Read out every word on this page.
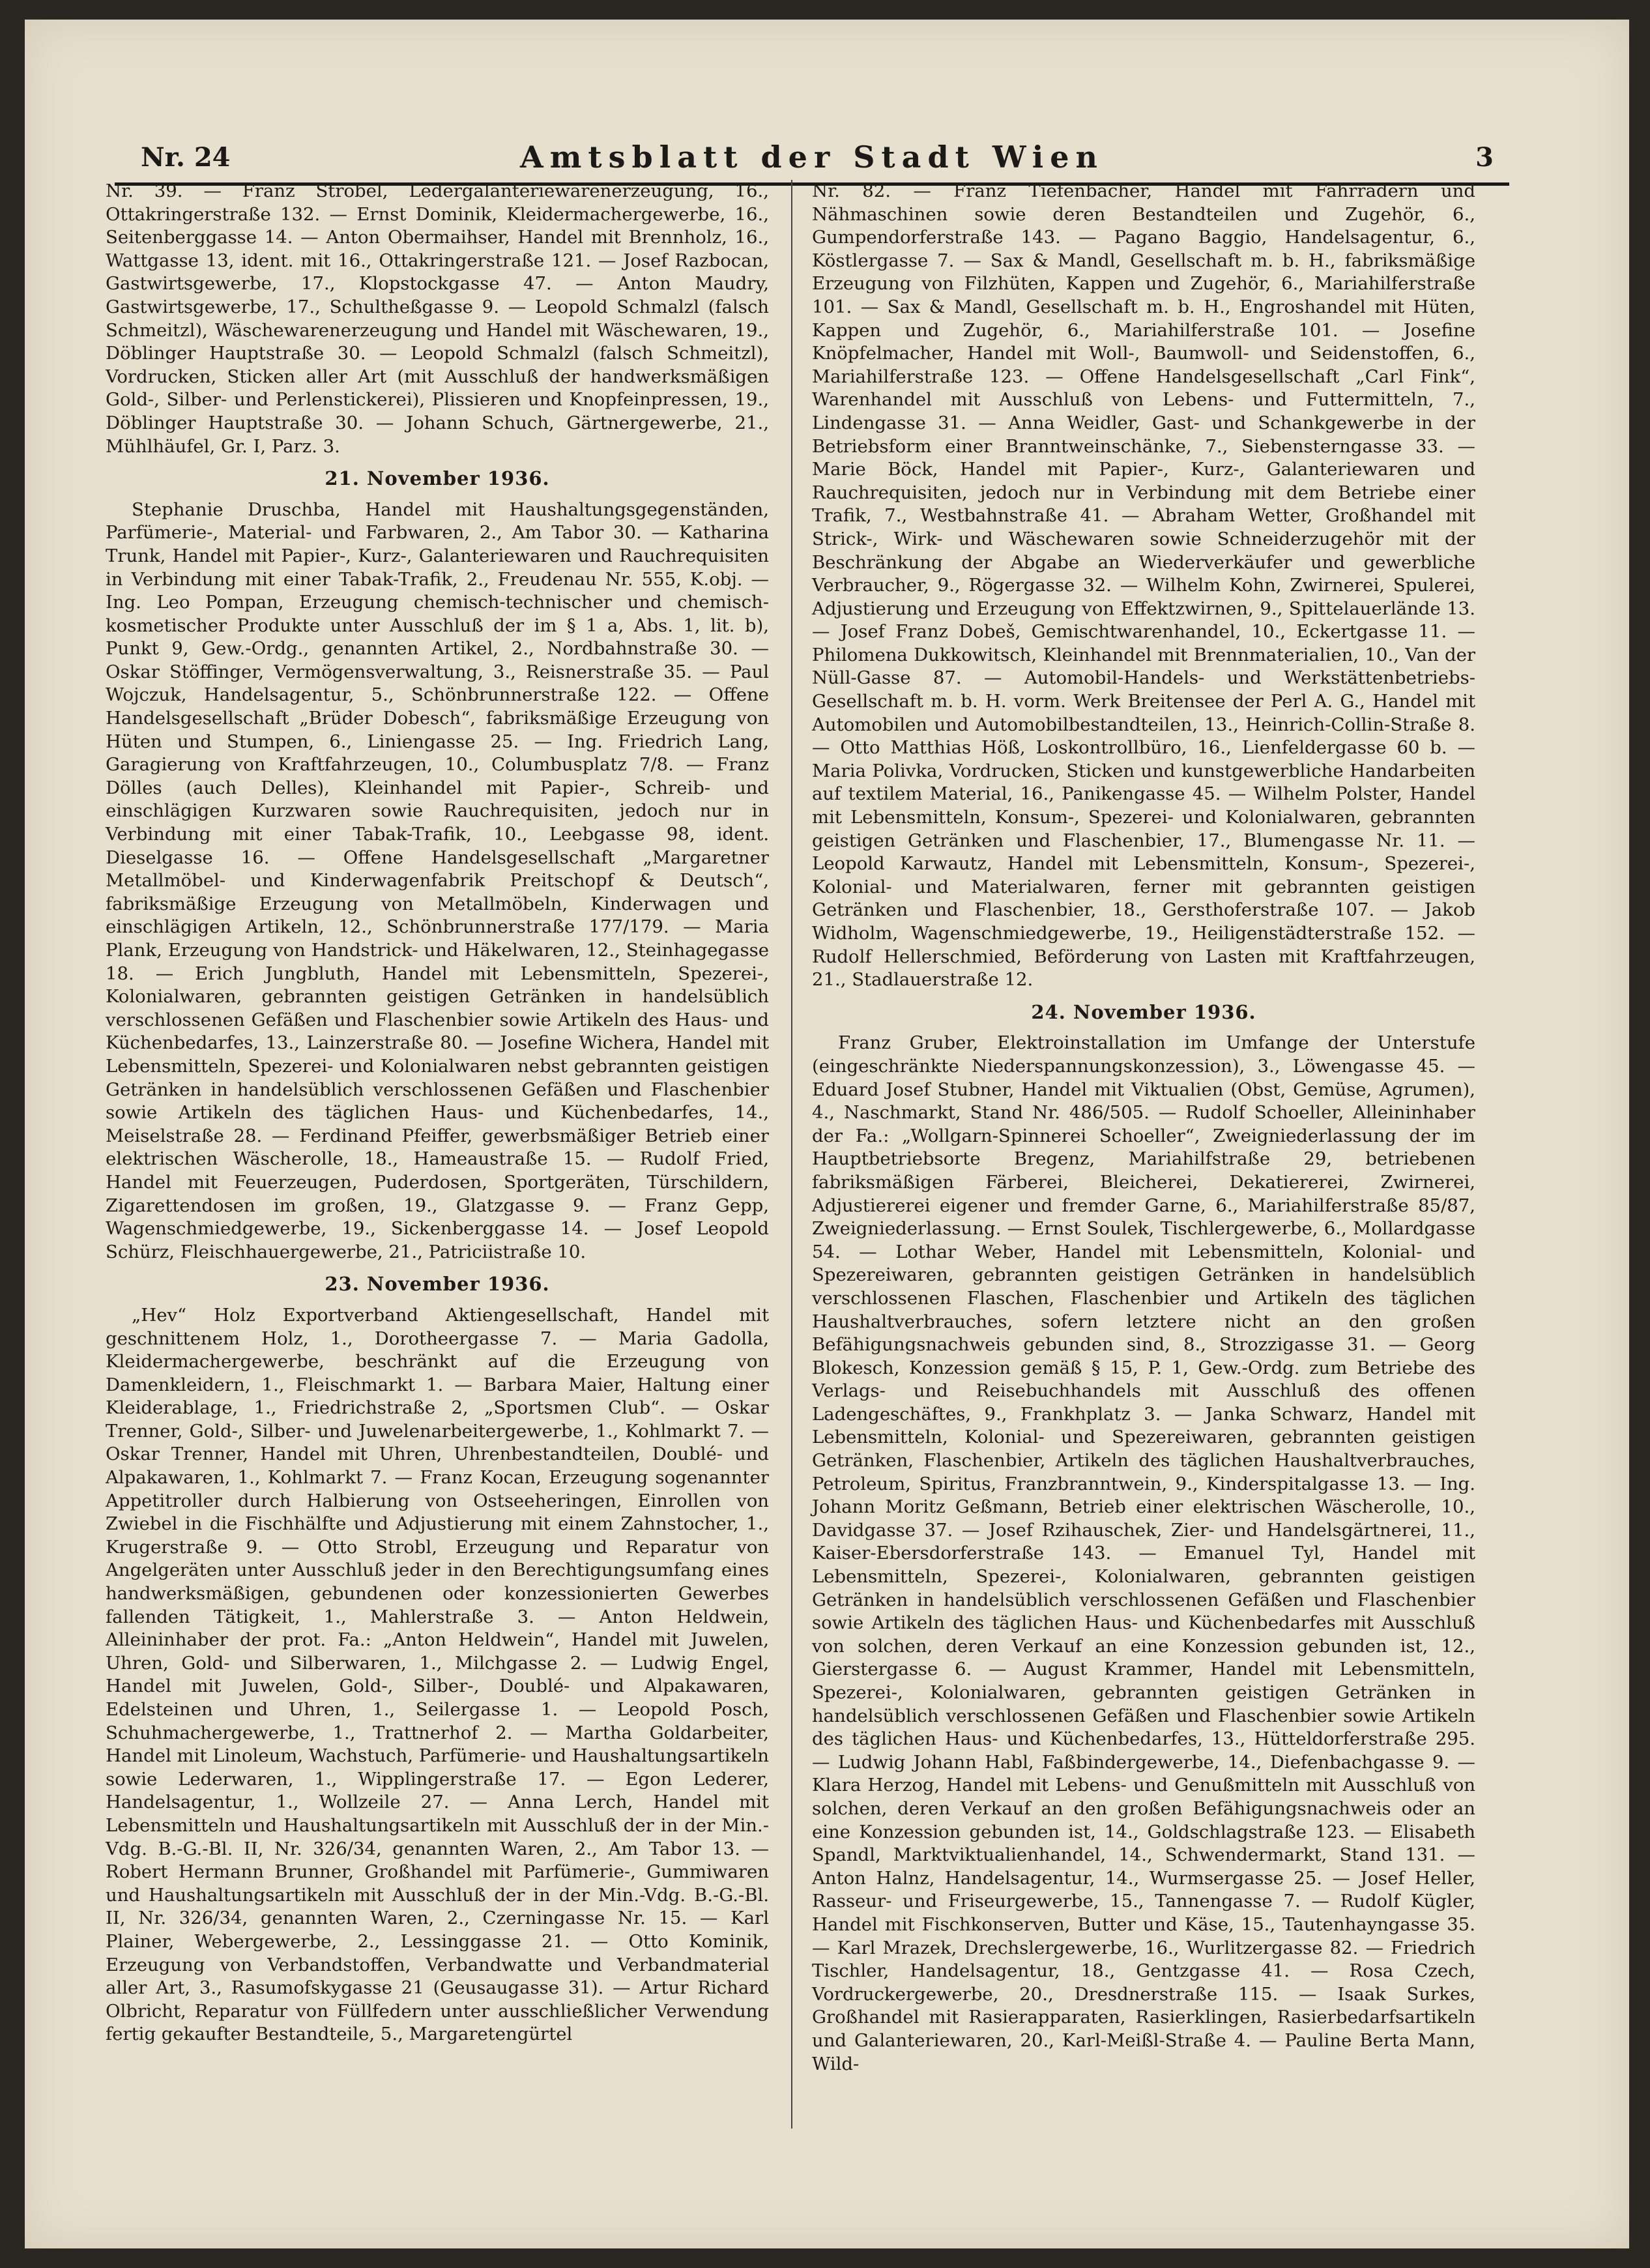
Nr. 24	Amtsblatt der Stadt Wien	3

Nr. 39. — Franz Strobel, Ledergalanteriewarenerzeugung, 16., Ottakringerstraße 132. — Ernst Dominik, Kleidermachergewerbe, 16., Seitenberggasse 14. — Anton Obermaihser, Handel mit Brennholz, 16., Wattgasse 13, ident. mit 16., Ottakringerstraße 121. — Josef Razbocan, Gastwirtsgewerbe, 17., Klopstockgasse 47. — Anton Maudry, Gastwirtsgewerbe, 17., Schultheßgasse 9. — Leopold Schmalzl (falsch Schmeitzl), Wäschewarenerzeugung und Handel mit Wäschewaren, 19., Döblinger Hauptstraße 30. — Leopold Schmalzl (falsch Schmeitzl), Vordrucken, Sticken aller Art (mit Ausschluß der handwerksmäßigen Gold-, Silber- und Perlenstickerei), Plissieren und Knopfeinpressen, 19., Döblinger Hauptstraße 30. — Johann Schuch, Gärtnergewerbe, 21., Mühlhäufel, Gr. I, Parz. 3.

21. November 1936.

Stephanie Druschba, Handel mit Haushaltungsgegenständen, Parfümerie-, Material- und Farbwaren, 2., Am Tabor 30. — Katharina Trunk, Handel mit Papier-, Kurz-, Galanteriewaren und Rauchrequisiten in Verbindung mit einer Tabak-Trafik, 2., Freudenau Nr. 555, K.obj. — Ing. Leo Pompan, Erzeugung chemisch-technischer und chemisch-kosmetischer Produkte unter Ausschluß der im § 1 a, Abs. 1, lit. b), Punkt 9, Gew.-Ordg., genannten Artikel, 2., Nordbahnstraße 30. — Oskar Stöffinger, Vermögensverwaltung, 3., Reisnerstraße 35. — Paul Wojczuk, Handelsagentur, 5., Schönbrunnerstraße 122. — Offene Handelsgesellschaft „Brüder Dobesch“, fabriksmäßige Erzeugung von Hüten und Stumpen, 6., Liniengasse 25. — Ing. Friedrich Lang, Garagierung von Kraftfahrzeugen, 10., Columbusplatz 7/8. — Franz Dölles (auch Delles), Kleinhandel mit Papier-, Schreib- und einschlägigen Kurzwaren sowie Rauchrequisiten, jedoch nur in Verbindung mit einer Tabak-Trafik, 10., Leebgasse 98, ident. Dieselgasse 16. — Offene Handelsgesellschaft „Margaretner Metallmöbel- und Kinderwagenfabrik Preitschopf & Deutsch“, fabriksmäßige Erzeugung von Metallmöbeln, Kinderwagen und einschlägigen Artikeln, 12., Schönbrunnerstraße 177/179. — Maria Plank, Erzeugung von Handstrick- und Häkelwaren, 12., Steinhagegasse 18. — Erich Jungbluth, Handel mit Lebensmitteln, Spezerei-, Kolonialwaren, gebrannten geistigen Getränken in handelsüblich verschlossenen Gefäßen und Flaschenbier sowie Artikeln des Haus- und Küchenbedarfes, 13., Lainzerstraße 80. — Josefine Wichera, Handel mit Lebensmitteln, Spezerei- und Kolonialwaren nebst gebrannten geistigen Getränken in handelsüblich verschlossenen Gefäßen und Flaschenbier sowie Artikeln des täglichen Haus- und Küchenbedarfes, 14., Meiselstraße 28. — Ferdinand Pfeiffer, gewerbsmäßiger Betrieb einer elektrischen Wäscherolle, 18., Hameaustraße 15. — Rudolf Fried, Handel mit Feuerzeugen, Puderdosen, Sportgeräten, Türschildern, Zigarettendosen im großen, 19., Glatzgasse 9. — Franz Gepp, Wagenschmiedgewerbe, 19., Sickenberggasse 14. — Josef Leopold Schürz, Fleischhauergewerbe, 21., Patriciistraße 10.

23. November 1936.

„Hev“ Holz Exportverband Aktiengesellschaft, Handel mit geschnittenem Holz, 1., Dorotheergasse 7. — Maria Gadolla, Kleidermachergewerbe, beschränkt auf die Erzeugung von Damenkleidern, 1., Fleischmarkt 1. — Barbara Maier, Haltung einer Kleiderablage, 1., Friedrichstraße 2, „Sportsmen Club“. — Oskar Trenner, Gold-, Silber- und Juwelenarbeitergewerbe, 1., Kohlmarkt 7. — Oskar Trenner, Handel mit Uhren, Uhrenbestandteilen, Doublé- und Alpakawaren, 1., Kohlmarkt 7. — Franz Kocan, Erzeugung sogenannter Appetitroller durch Halbierung von Ostseeheringen, Einrollen von Zwiebel in die Fischhälfte und Adjustierung mit einem Zahnstocher, 1., Krugerstraße 9. — Otto Strobl, Erzeugung und Reparatur von Angelgeräten unter Ausschluß jeder in den Berechtigungsumfang eines handwerksmäßigen, gebundenen oder konzessionierten Gewerbes fallenden Tätigkeit, 1., Mahlerstraße 3. — Anton Heldwein, Alleininhaber der prot. Fa.: „Anton Heldwein“, Handel mit Juwelen, Uhren, Gold- und Silberwaren, 1., Milchgasse 2. — Ludwig Engel, Handel mit Juwelen, Gold-, Silber-, Doublé- und Alpakawaren, Edelsteinen und Uhren, 1., Seilergasse 1. — Leopold Posch, Schuhmachergewerbe, 1., Trattnerhof 2. — Martha Goldarbeiter, Handel mit Linoleum, Wachstuch, Parfümerie- und Haushaltungsartikeln sowie Lederwaren, 1., Wipplingerstraße 17. — Egon Lederer, Handelsagentur, 1., Wollzeile 27. — Anna Lerch, Handel mit Lebensmitteln und Haushaltungsartikeln mit Ausschluß der in der Min.-Vdg. B.-G.-Bl. II, Nr. 326/34, genannten Waren, 2., Am Tabor 13. — Robert Hermann Brunner, Großhandel mit Parfümerie-, Gummiwaren und Haushaltungsartikeln mit Ausschluß der in der Min.-Vdg. B.-G.-Bl. II, Nr. 326/34, genannten Waren, 2., Czerningasse Nr. 15. — Karl Plainer, Webergewerbe, 2., Lessinggasse 21. — Otto Kominik, Erzeugung von Verbandstoffen, Verbandwatte und Verbandmaterial aller Art, 3., Rasumofskygasse 21 (Geusaugasse 31). — Artur Richard Olbricht, Reparatur von Füllfedern unter ausschließlicher Verwendung fertig gekaufter Bestandteile, 5., Margaretengürtel

Nr. 82. — Franz Tiefenbacher, Handel mit Fahrrädern und Nähmaschinen sowie deren Bestandteilen und Zugehör, 6., Gumpendorferstraße 143. — Pagano Baggio, Handelsagentur, 6., Köstlergasse 7. — Sax & Mandl, Gesellschaft m. b. H., fabriksmäßige Erzeugung von Filzhüten, Kappen und Zugehör, 6., Mariahilferstraße 101. — Sax & Mandl, Gesellschaft m. b. H., Engroshandel mit Hüten, Kappen und Zugehör, 6., Mariahilferstraße 101. — Josefine Knöpfelmacher, Handel mit Woll-, Baumwoll- und Seidenstoffen, 6., Mariahilferstraße 123. — Offene Handelsgesellschaft „Carl Fink“, Warenhandel mit Ausschluß von Lebens- und Futtermitteln, 7., Lindengasse 31. — Anna Weidler, Gast- und Schankgewerbe in der Betriebsform einer Branntweinschänke, 7., Siebensterngasse 33. — Marie Böck, Handel mit Papier-, Kurz-, Galanteriewaren und Rauchrequisiten, jedoch nur in Verbindung mit dem Betriebe einer Trafik, 7., Westbahnstraße 41. — Abraham Wetter, Großhandel mit Strick-, Wirk- und Wäschewaren sowie Schneiderzugehör mit der Beschränkung der Abgabe an Wiederverkäufer und gewerbliche Verbraucher, 9., Rögergasse 32. — Wilhelm Kohn, Zwirnerei, Spulerei, Adjustierung und Erzeugung von Effektzwirnen, 9., Spittelauerlände 13. — Josef Franz Dobeš, Gemischtwarenhandel, 10., Eckertgasse 11. — Philomena Dukkowitsch, Kleinhandel mit Brennmaterialien, 10., Van der Nüll-Gasse 87. — Automobil-Handels- und Werkstättenbetriebs-Gesellschaft m. b. H. vorm. Werk Breitensee der Perl A. G., Handel mit Automobilen und Automobilbestandteilen, 13., Heinrich-Collin-Straße 8. — Otto Matthias Höß, Loskontrollbüro, 16., Lienfeldergasse 60 b. — Maria Polivka, Vordrucken, Sticken und kunstgewerbliche Handarbeiten auf textilem Material, 16., Panikengasse 45. — Wilhelm Polster, Handel mit Lebensmitteln, Konsum-, Spezerei- und Kolonialwaren, gebrannten geistigen Getränken und Flaschenbier, 17., Blumengasse Nr. 11. — Leopold Karwautz, Handel mit Lebensmitteln, Konsum-, Spezerei-, Kolonial- und Materialwaren, ferner mit gebrannten geistigen Getränken und Flaschenbier, 18., Gersthoferstraße 107. — Jakob Widholm, Wagenschmiedgewerbe, 19., Heiligenstädterstraße 152. — Rudolf Hellerschmied, Beförderung von Lasten mit Kraftfahrzeugen, 21., Stadlauerstraße 12.

24. November 1936.

Franz Gruber, Elektroinstallation im Umfange der Unterstufe (eingeschränkte Niederspannungskonzession), 3., Löwengasse 45. — Eduard Josef Stubner, Handel mit Viktualien (Obst, Gemüse, Agrumen), 4., Naschmarkt, Stand Nr. 486/505. — Rudolf Schoeller, Alleininhaber der Fa.: „Wollgarn-Spinnerei Schoeller“, Zweigniederlassung der im Hauptbetriebsorte Bregenz, Mariahilfstraße 29, betriebenen fabriksmäßigen Färberei, Bleicherei, Dekatiererei, Zwirnerei, Adjustiererei eigener und fremder Garne, 6., Mariahilferstraße 85/87, Zweigniederlassung. — Ernst Soulek, Tischlergewerbe, 6., Mollardgasse 54. — Lothar Weber, Handel mit Lebensmitteln, Kolonial- und Spezereiwaren, gebrannten geistigen Getränken in handelsüblich verschlossenen Flaschen, Flaschenbier und Artikeln des täglichen Haushaltverbrauches, sofern letztere nicht an den großen Befähigungsnachweis gebunden sind, 8., Strozzigasse 31. — Georg Blokesch, Konzession gemäß § 15, P. 1, Gew.-Ordg. zum Betriebe des Verlags- und Reisebuchhandels mit Ausschluß des offenen Ladengeschäftes, 9., Frankhplatz 3. — Janka Schwarz, Handel mit Lebensmitteln, Kolonial- und Spezereiwaren, gebrannten geistigen Getränken, Flaschenbier, Artikeln des täglichen Haushaltverbrauches, Petroleum, Spiritus, Franzbranntwein, 9., Kinderspitalgasse 13. — Ing. Johann Moritz Geßmann, Betrieb einer elektrischen Wäscherolle, 10., Davidgasse 37. — Josef Rzihauschek, Zier- und Handelsgärtnerei, 11., Kaiser-Ebersdorferstraße 143. — Emanuel Tyl, Handel mit Lebensmitteln, Spezerei-, Kolonialwaren, gebrannten geistigen Getränken in handelsüblich verschlossenen Gefäßen und Flaschenbier sowie Artikeln des täglichen Haus- und Küchenbedarfes mit Ausschluß von solchen, deren Verkauf an eine Konzession gebunden ist, 12., Gierstergasse 6. — August Krammer, Handel mit Lebensmitteln, Spezerei-, Kolonialwaren, gebrannten geistigen Getränken in handelsüblich verschlossenen Gefäßen und Flaschenbier sowie Artikeln des täglichen Haus- und Küchenbedarfes, 13., Hütteldorferstraße 295. — Ludwig Johann Habl, Faßbindergewerbe, 14., Diefenbachgasse 9. — Klara Herzog, Handel mit Lebens- und Genußmitteln mit Ausschluß von solchen, deren Verkauf an den großen Befähigungsnachweis oder an eine Konzession gebunden ist, 14., Goldschlagstraße 123. — Elisabeth Spandl, Marktviktualienhandel, 14., Schwendermarkt, Stand 131. — Anton Halnz, Handelsagentur, 14., Wurmsergasse 25. — Josef Heller, Rasseur- und Friseurgewerbe, 15., Tannengasse 7. — Rudolf Kügler, Handel mit Fischkonserven, Butter und Käse, 15., Tautenhayngasse 35. — Karl Mrazek, Drechslergewerbe, 16., Wurlitzergasse 82. — Friedrich Tischler, Handelsagentur, 18., Gentzgasse 41. — Rosa Czech, Vordruckergewerbe, 20., Dresdnerstraße 115. — Isaak Surkes, Großhandel mit Rasierapparaten, Rasierklingen, Rasierbedarfsartikeln und Galanteriewaren, 20., Karl-Meißl-Straße 4. — Pauline Berta Mann, Wild-
